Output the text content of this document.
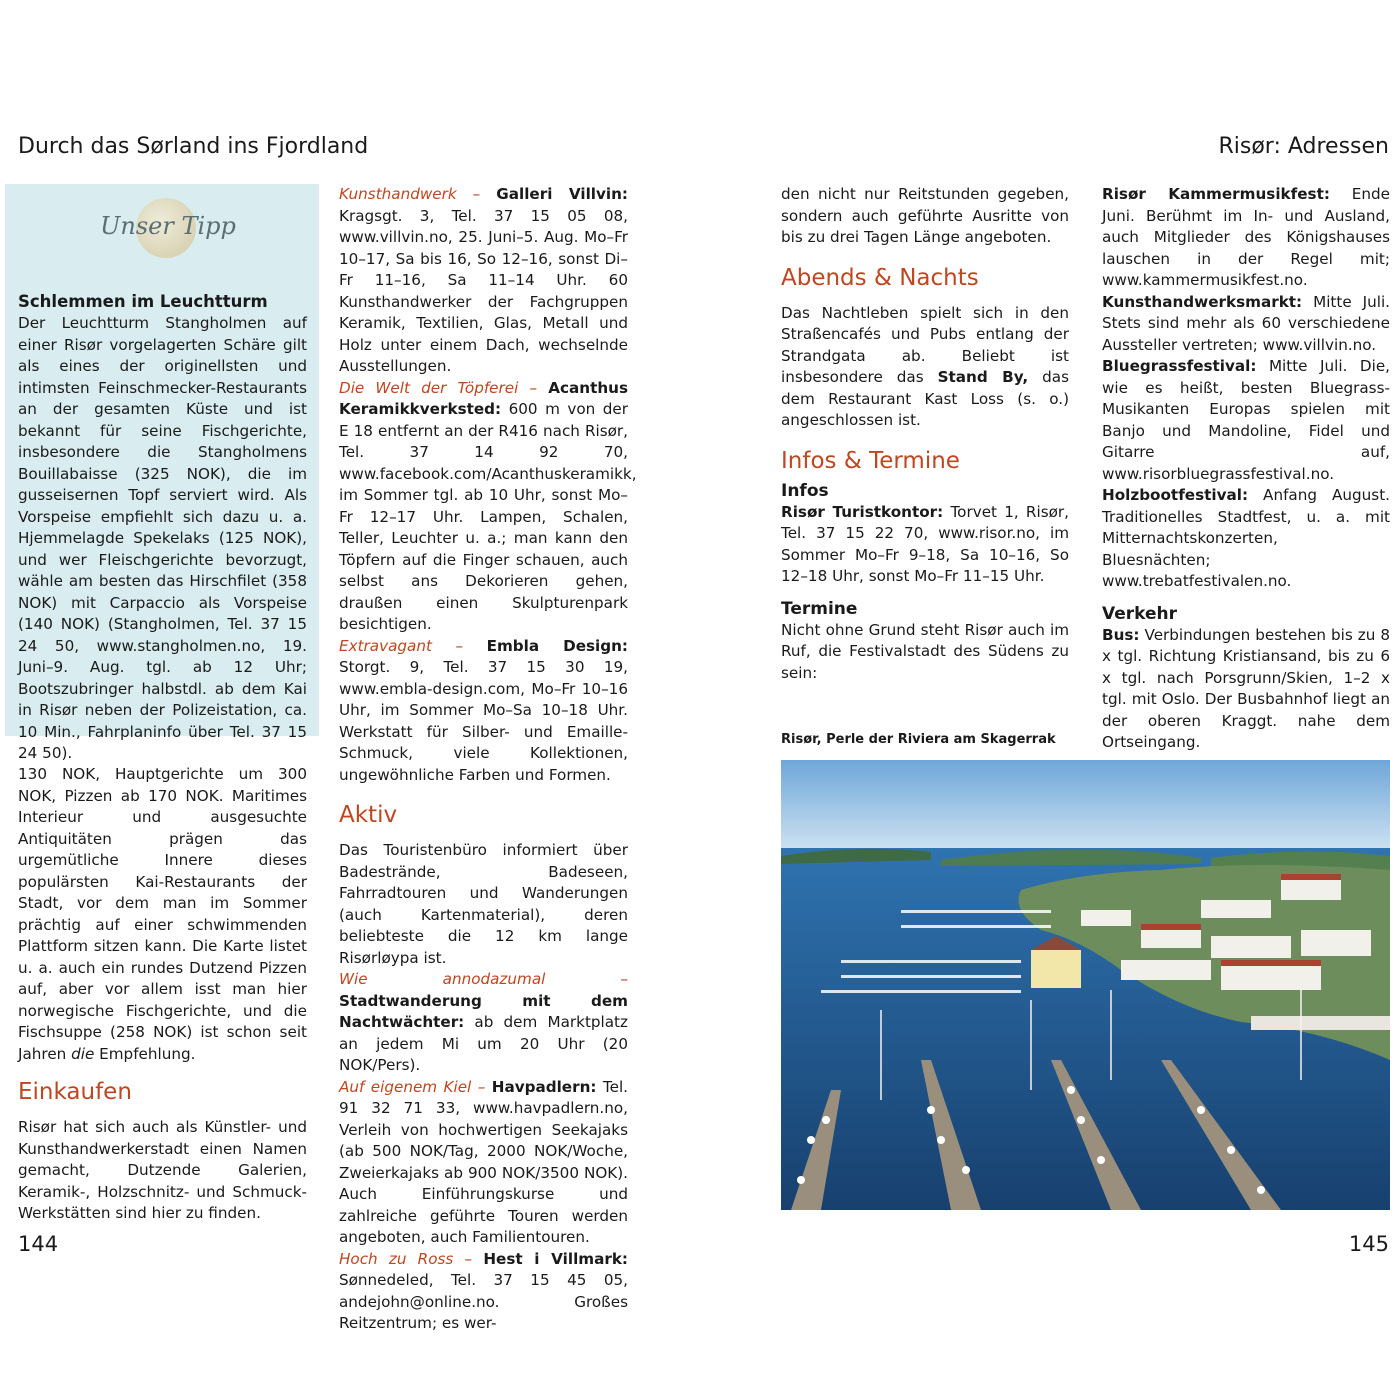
Durch das Sørland ins Fjordland	Risør: Adressen
Unser Tipp

Schlemmen im Leuchtturm

Der Leuchtturm Stangholmen auf einer Risør vorgelagerten Schäre gilt als eines der originellsten und intimsten Feinschmecker-Restaurants an der gesamten Küste und ist bekannt für seine Fischgerichte, insbesondere die Stangholmens Bouillabaisse (325 NOK), die im gusseisernen Topf serviert wird. Als Vorspeise empfiehlt sich dazu u. a. Hjemmelagde Spekelaks (125 NOK), und wer Fleischgerichte bevorzugt, wähle am besten das Hirschfilet (358 NOK) mit Carpaccio als Vorspeise (140 NOK) (Stangholmen, Tel. 37 15 24 50, www.stangholmen.no, 19. Juni–9. Aug. tgl. ab 12 Uhr; Bootszubringer halbstdl. ab dem Kai in Risør neben der Polizeistation, ca. 10 Min., Fahrplaninfo über Tel. 37 15 24 50).

130 NOK, Hauptgerichte um 300 NOK, Pizzen ab 170 NOK. Maritimes Interieur und ausgesuchte Antiquitäten prägen das urgemütliche Innere dieses populärsten Kai-Restaurants der Stadt, vor dem man im Sommer prächtig auf einer schwimmenden Plattform sitzen kann. Die Karte listet u. a. auch ein rundes Dutzend Pizzen auf, aber vor allem isst man hier norwegische Fischgerichte, und die Fischsuppe (258 NOK) ist schon seit Jahren die Empfehlung.

Einkaufen

Risør hat sich auch als Künstler- und Kunsthandwerkerstadt einen Namen gemacht, Dutzende Galerien, Keramik-, Holzschnitz- und Schmuck-Werkstätten sind hier zu finden.

Kunsthandwerk – Galleri Villvin: Kragsgt. 3, Tel. 37 15 05 08, www.villvin.no, 25. Juni–5. Aug. Mo–Fr 10–17, Sa bis 16, So 12–16, sonst Di–Fr 11–16, Sa 11–14 Uhr. 60 Kunsthandwerker der Fachgruppen Keramik, Textilien, Glas, Metall und Holz unter einem Dach, wechselnde Ausstellungen.

Die Welt der Töpferei – Acanthus Keramikkverksted: 600 m von der E 18 entfernt an der R416 nach Risør, Tel. 37 14 92 70, www.facebook.com/Acanthuskeramikk, im Sommer tgl. ab 10 Uhr, sonst Mo–Fr 12–17 Uhr. Lampen, Schalen, Teller, Leuchter u. a.; man kann den Töpfern auf die Finger schauen, auch selbst ans Dekorieren gehen, draußen einen Skulpturenpark besichtigen.

Extravagant – Embla Design: Storgt. 9, Tel. 37 15 30 19, www.embla-design.com, Mo–Fr 10–16 Uhr, im Sommer Mo–Sa 10–18 Uhr. Werkstatt für Silber- und Emaille-Schmuck, viele Kollektionen, ungewöhnliche Farben und Formen.

Aktiv

Das Touristenbüro informiert über Badestrände, Badeseen, Fahrradtouren und Wanderungen (auch Kartenmaterial), deren beliebteste die 12 km lange Risørløypa ist.

Wie annodazumal – Stadtwanderung mit dem Nachtwächter: ab dem Marktplatz an jedem Mi um 20 Uhr (20 NOK/Pers).

Auf eigenem Kiel – Havpadlern: Tel. 91 32 71 33, www.havpadlern.no, Verleih von hochwertigen Seekajaks (ab 500 NOK/Tag, 2000 NOK/Woche, Zweierkajaks ab 900 NOK/3500 NOK). Auch Einführungskurse und zahlreiche geführte Touren werden angeboten, auch Familientouren.

Hoch zu Ross – Hest i Villmark: Sønnedeled, Tel. 37 15 45 05, andejohn@online.no. Großes Reitzentrum; es wer-

den nicht nur Reitstunden gegeben, sondern auch geführte Ausritte von bis zu drei Tagen Länge angeboten.

Abends & Nachts

Das Nachtleben spielt sich in den Straßencafés und Pubs entlang der Strandgata ab. Beliebt ist insbesondere das Stand By, das dem Restaurant Kast Loss (s. o.) angeschlossen ist.

Infos & Termine

Infos

Risør Turistkontor: Torvet 1, Risør, Tel. 37 15 22 70, www.risor.no, im Sommer Mo–Fr 9–18, Sa 10–16, So 12–18 Uhr, sonst Mo–Fr 11–15 Uhr.

Termine

Nicht ohne Grund steht Risør auch im Ruf, die Festivalstadt des Südens zu sein:

Risør Kammermusikfest: Ende Juni. Berühmt im In- und Ausland, auch Mitglieder des Königshauses lauschen in der Regel mit; www.kammermusikfest.no.

Kunsthandwerksmarkt: Mitte Juli. Stets sind mehr als 60 verschiedene Aussteller vertreten; www.villvin.no.

Bluegrassfestival: Mitte Juli. Die, wie es heißt, besten Bluegrass-Musikanten Europas spielen mit Banjo und Mandoline, Fidel und Gitarre auf, www.risorbluegrassfestival.no.

Holzbootfestival: Anfang August. Traditionelles Stadtfest, u. a. mit Mitternachtskonzerten, Bluesnächten; www.trebatfestivalen.no.

Verkehr

Bus: Verbindungen bestehen bis zu 8 x tgl. Richtung Kristiansand, bis zu 6 x tgl. nach Porsgrunn/Skien, 1–2 x tgl. mit Oslo. Der Busbahnhof liegt an der oberen Kraggt. nahe dem Ortseingang.

Risør, Perle der Riviera am Skagerrak
144	145
